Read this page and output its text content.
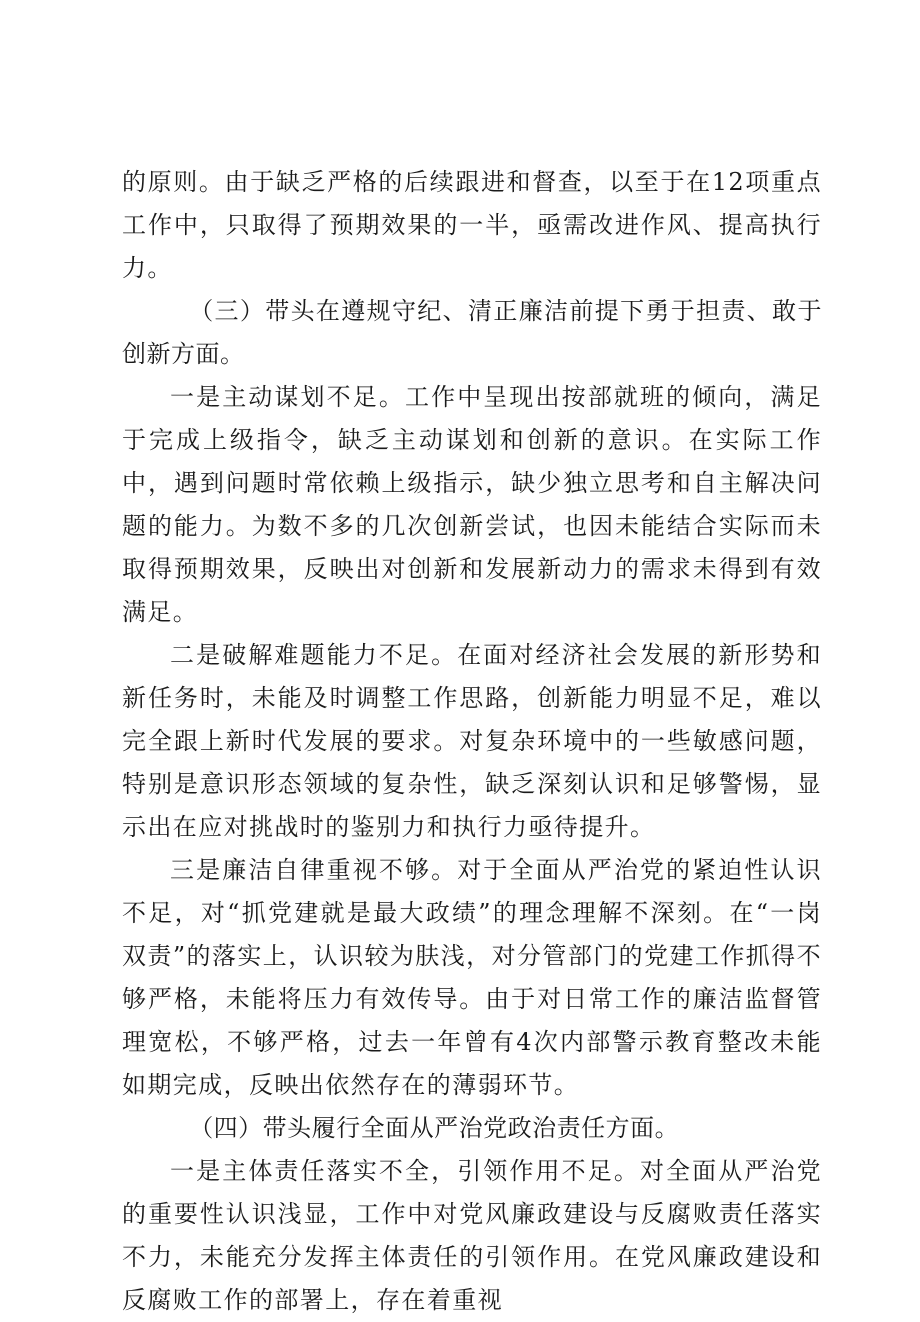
的原则。由于缺乏严格的后续跟进和督查，以至于在12项重点工作中，只取得了预期效果的一半，亟需改进作风、提高执行力。

（三）带头在遵规守纪、清正廉洁前提下勇于担责、敢于创新方面。

一是主动谋划不足。工作中呈现出按部就班的倾向，满足于完成上级指令，缺乏主动谋划和创新的意识。在实际工作中，遇到问题时常依赖上级指示，缺少独立思考和自主解决问题的能力。为数不多的几次创新尝试，也因未能结合实际而未取得预期效果，反映出对创新和发展新动力的需求未得到有效满足。

二是破解难题能力不足。在面对经济社会发展的新形势和新任务时，未能及时调整工作思路，创新能力明显不足，难以完全跟上新时代发展的要求。对复杂环境中的一些敏感问题，特别是意识形态领域的复杂性，缺乏深刻认识和足够警惕，显示出在应对挑战时的鉴别力和执行力亟待提升。

三是廉洁自律重视不够。对于全面从严治党的紧迫性认识不足，对“抓党建就是最大政绩”的理念理解不深刻。在“一岗双责”的落实上，认识较为肤浅，对分管部门的党建工作抓得不够严格，未能将压力有效传导。由于对日常工作的廉洁监督管理宽松，不够严格，过去一年曾有4次内部警示教育整改未能如期完成，反映出依然存在的薄弱环节。

（四）带头履行全面从严治党政治责任方面。

一是主体责任落实不全，引领作用不足。对全面从严治党的重要性认识浅显，工作中对党风廉政建设与反腐败责任落实不力，未能充分发挥主体责任的引领作用。在党风廉政建设和反腐败工作的部署上，存在着重视
